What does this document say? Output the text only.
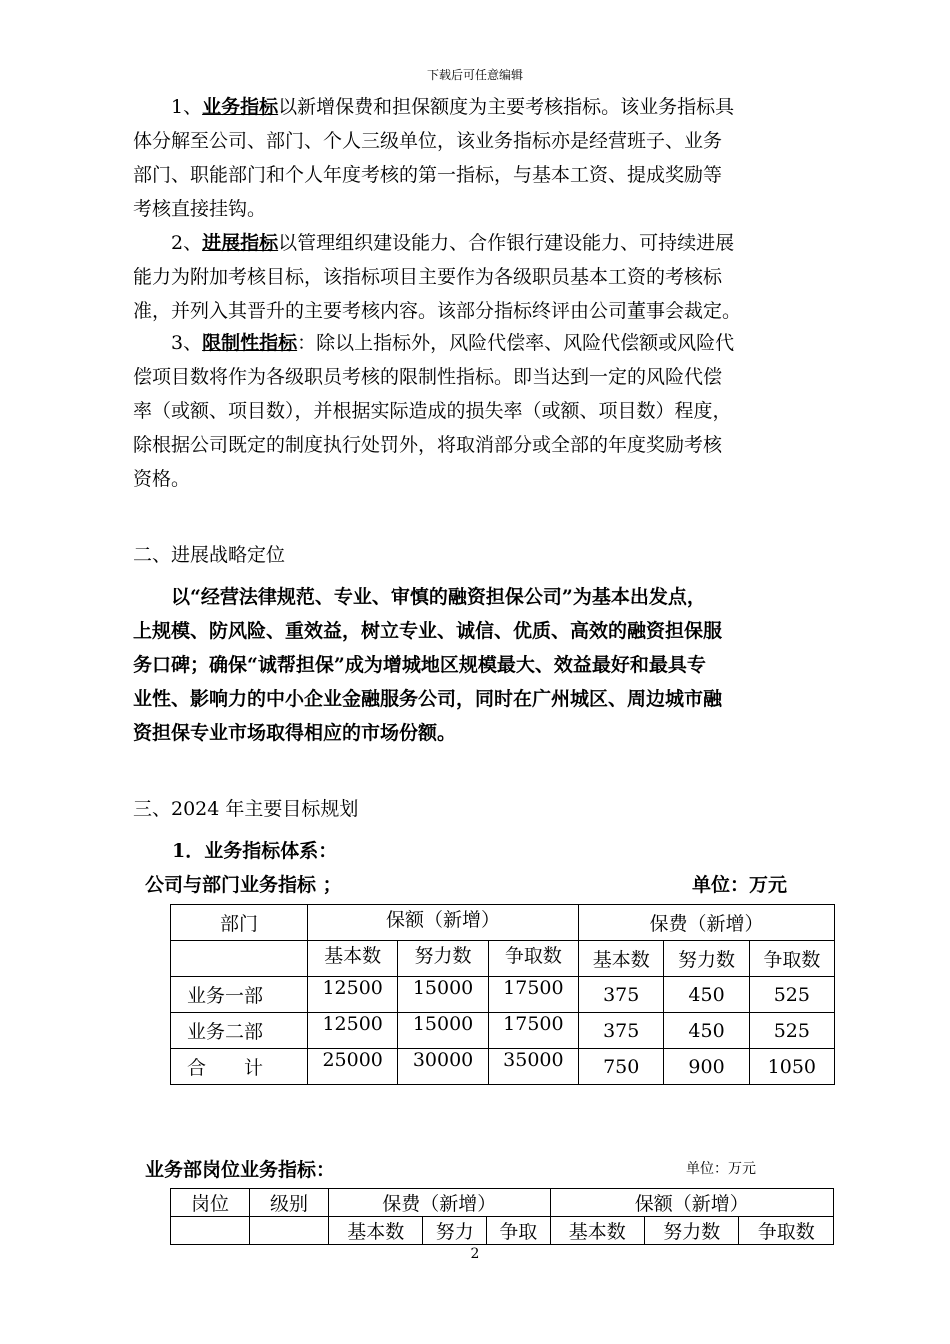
下载后可任意编辑
1、业务指标以新增保费和担保额度为主要考核指标。该业务指标具
体分解至公司、部门、个人三级单位，该业务指标亦是经营班子、业务
部门、职能部门和个人年度考核的第一指标，与基本工资、提成奖励等
考核直接挂钩。
2、进展指标以管理组织建设能力、合作银行建设能力、可持续进展
能力为附加考核目标，该指标项目主要作为各级职员基本工资的考核标
准，并列入其晋升的主要考核内容。该部分指标终评由公司董事会裁定。
3、限制性指标：除以上指标外，风险代偿率、风险代偿额或风险代
偿项目数将作为各级职员考核的限制性指标。即当达到一定的风险代偿
率（或额、项目数），并根据实际造成的损失率（或额、项目数）程度，
除根据公司既定的制度执行处罚外，将取消部分或全部的年度奖励考核
资格。
二、进展战略定位
以“经营法律规范、专业、审慎的融资担保公司”为基本出发点，
上规模、防风险、重效益，树立专业、诚信、优质、高效的融资担保服
务口碑；确保“诚帮担保”成为增城地区规模最大、效益最好和最具专
业性、影响力的中小企业金融服务公司，同时在广州城区、周边城市融
资担保专业市场取得相应的市场份额。
三、2024 年主要目标规划
1．业务指标体系：
公司与部门业务指标 ；	单位：万元
部门	保额（新增）			保费（新增）		
	基本数	努力数	争取数	基本数	努力数	争取数
业务一部	12500	15000	17500	375	450	525
业务二部	12500	15000	17500	375	450	525
合　　计	25000	30000	35000	750	900	1050
业务部岗位业务指标：	单位：万元
岗位	级别	保费（新增）			保额（新增）		
		基本数	努力	争取	基本数	努力数	争取数
2
